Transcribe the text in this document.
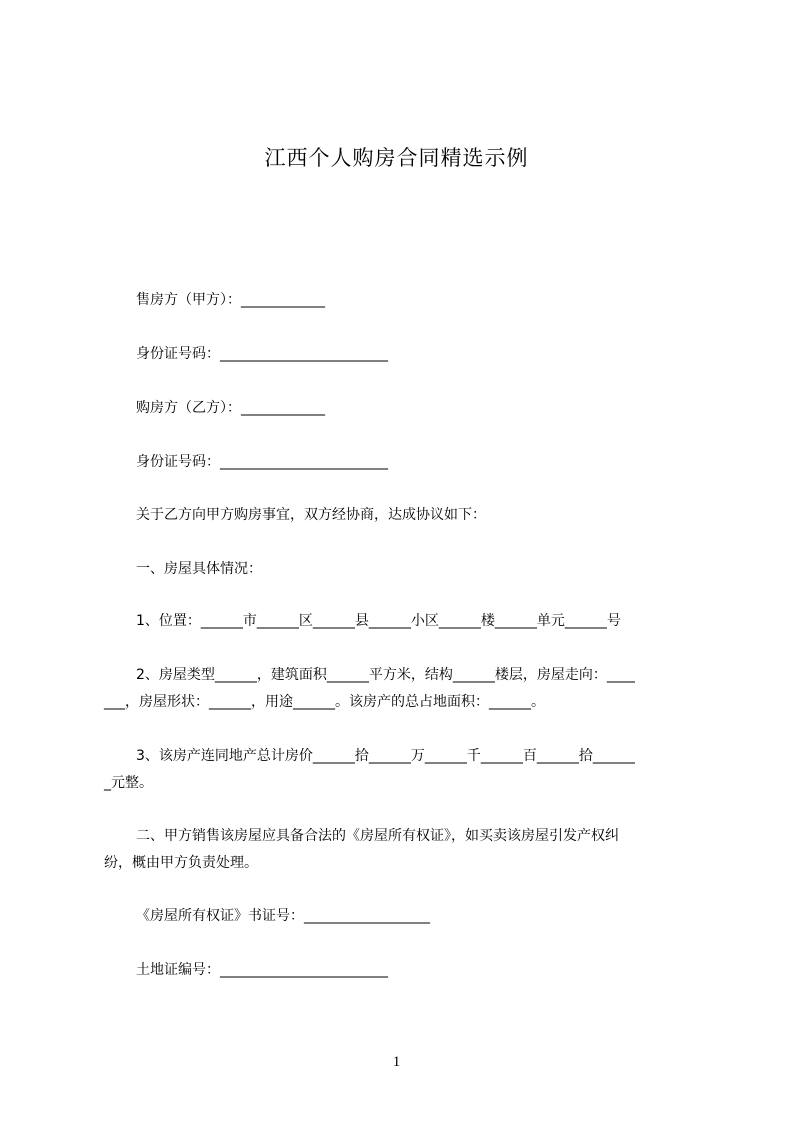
江西个人购房合同精选示例
售房方（甲方）：____________
身份证号码：________________________
购房方（乙方）：____________
身份证号码：________________________
关于乙方向甲方购房事宜，双方经协商，达成协议如下：
一、房屋具体情况：
1、位置：______市______区______县______小区______楼______单元______号
2、房屋类型______，建筑面积______平方米，结构______楼层，房屋走向：____
___，房屋形状：______，用途______。该房产的总占地面积：______。
3、该房产连同地产总计房价______拾______万______千______百______拾______
_元整。
二、甲方销售该房屋应具备合法的《房屋所有权证》，如买卖该房屋引发产权纠
纷，概由甲方负责处理。
《房屋所有权证》书证号：__________________
土地证编号：________________________
1
